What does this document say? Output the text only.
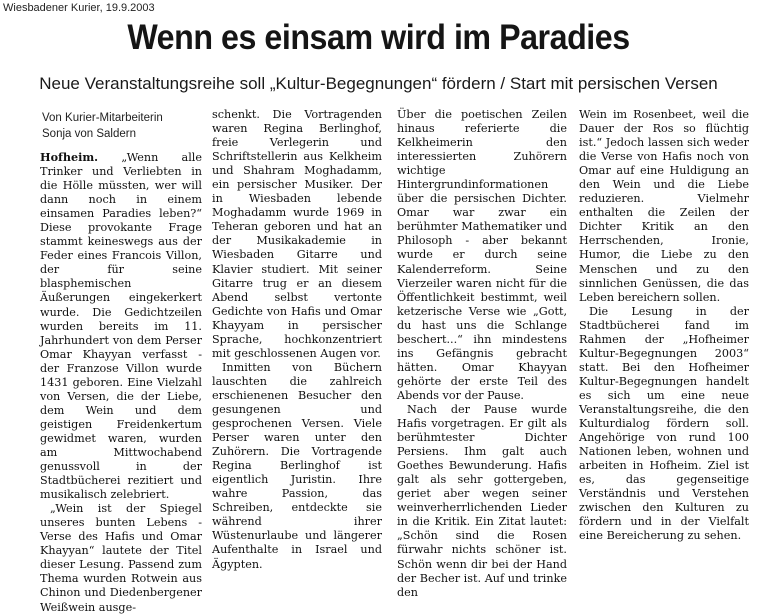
Wiesbadener Kurier, 19.9.2003
Wenn es einsam wird im Paradies
Neue Veranstaltungsreihe soll „Kultur-Begegnungen“ fördern / Start mit persischen Versen
Von Kurier-Mitarbeiterin
Sonja von Saldern

Hofheim. „Wenn alle Trinker und Verliebten in die Hölle müssten, wer will dann noch in einem einsamen Paradies leben?“ Diese provokante Frage stammt keineswegs aus der Feder eines Francois Villon, der für seine blasphemischen Äußerungen eingekerkert wurde. Die Gedichtzeilen wurden bereits im 11. Jahrhundert von dem Perser Omar Khayyan verfasst - der Franzose Villon wurde 1431 geboren. Eine Vielzahl von Versen, die der Liebe, dem Wein und dem geistigen Freidenkertum gewidmet waren, wurden am Mittwochabend genussvoll in der Stadtbücherei rezitiert und musikalisch zelebriert.

„Wein ist der Spiegel unseres bunten Lebens - Verse des Hafis und Omar Khayyan“ lautete der Titel dieser Lesung. Passend zum Thema wurden Rotwein aus Chinon und Diedenbergener Weißwein ausge-

schenkt. Die Vortragenden waren Regina Berlinghof, freie Verlegerin und Schriftstellerin aus Kelkheim und Shahram Moghadamm, ein persischer Musiker. Der in Wiesbaden lebende Moghadamm wurde 1969 in Teheran geboren und hat an der Musikakademie in Wiesbaden Gitarre und Klavier studiert. Mit seiner Gitarre trug er an diesem Abend selbst vertonte Gedichte von Hafis und Omar Khayyam in persischer Sprache, hochkonzentriert mit geschlossenen Augen vor.

Inmitten von Büchern lauschten die zahlreich erschienenen Besucher den gesungenen und gesprochenen Versen. Viele Perser waren unter den Zuhörern. Die Vortragende Regina Berlinghof ist eigentlich Juristin. Ihre wahre Passion, das Schreiben, entdeckte sie während ihrer Wüstenurlaube und längerer Aufenthalte in Israel und Ägypten.

Über die poetischen Zeilen hinaus referierte die Kelkheimerin den interessierten Zuhörern wichtige Hintergrundinformationen über die persischen Dichter. Omar war zwar ein berühmter Mathematiker und Philosoph - aber bekannt wurde er durch seine Kalenderreform. Seine Vierzeiler waren nicht für die Öffentlichkeit bestimmt, weil ketzerische Verse wie „Gott, du hast uns die Schlange beschert...“ ihn mindestens ins Gefängnis gebracht hätten. Omar Khayyan gehörte der erste Teil des Abends vor der Pause.

Nach der Pause wurde Hafis vorgetragen. Er gilt als berühmtester Dichter Persiens. Ihm galt auch Goethes Bewunderung. Hafis galt als sehr gottergeben, geriet aber wegen seiner weinverherrlichenden Lieder in die Kritik. Ein Zitat lautet: „Schön sind die Rosen fürwahr nichts schöner ist. Schön wenn dir bei der Hand der Becher ist. Auf und trinke den

Wein im Rosenbeet, weil die Dauer der Ros so flüchtig ist.“ Jedoch lassen sich weder die Verse von Hafis noch von Omar auf eine Huldigung an den Wein und die Liebe reduzieren. Vielmehr enthalten die Zeilen der Dichter Kritik an den Herrschenden, Ironie, Humor, die Liebe zu den Menschen und zu den sinnlichen Genüssen, die das Leben bereichern sollen.

Die Lesung in der Stadtbücherei fand im Rahmen der „Hofheimer Kultur-Begegnungen 2003“ statt. Bei den Hofheimer Kultur-Begegnungen handelt es sich um eine neue Veranstaltungsreihe, die den Kulturdialog fördern soll. Angehörige von rund 100 Nationen leben, wohnen und arbeiten in Hofheim. Ziel ist es, das gegenseitige Verständnis und Verstehen zwischen den Kulturen zu fördern und in der Vielfalt eine Bereicherung zu sehen.
